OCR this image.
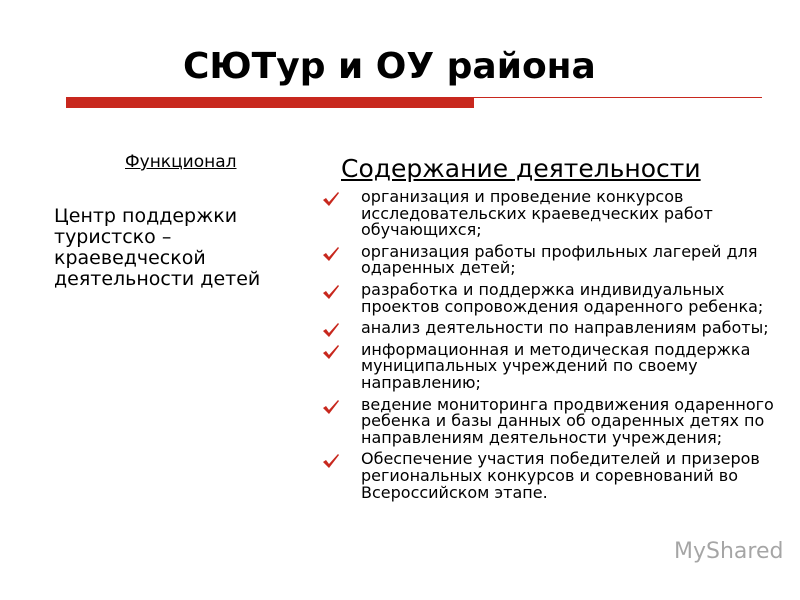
СЮТур и ОУ района
Функционал

Центр поддержки туристско – краеведческой деятельности детей

Содержание деятельности
организация и проведение конкурсов исследовательских краеведческих работ обучающихся;
организация работы профильных лагерей для одаренных детей;
разработка и поддержка индивидуальных проектов сопровождения одаренного ребенка;
анализ деятельности по направлениям работы;
информационная и методическая поддержка муниципальных учреждений по своему направлению;
ведение мониторинга продвижения одаренного ребенка и базы данных об одаренных детях по направлениям деятельности учреждения;
Обеспечение участия победителей и призеров региональных конкурсов и соревнований во Всероссийском этапе.
MyShared
